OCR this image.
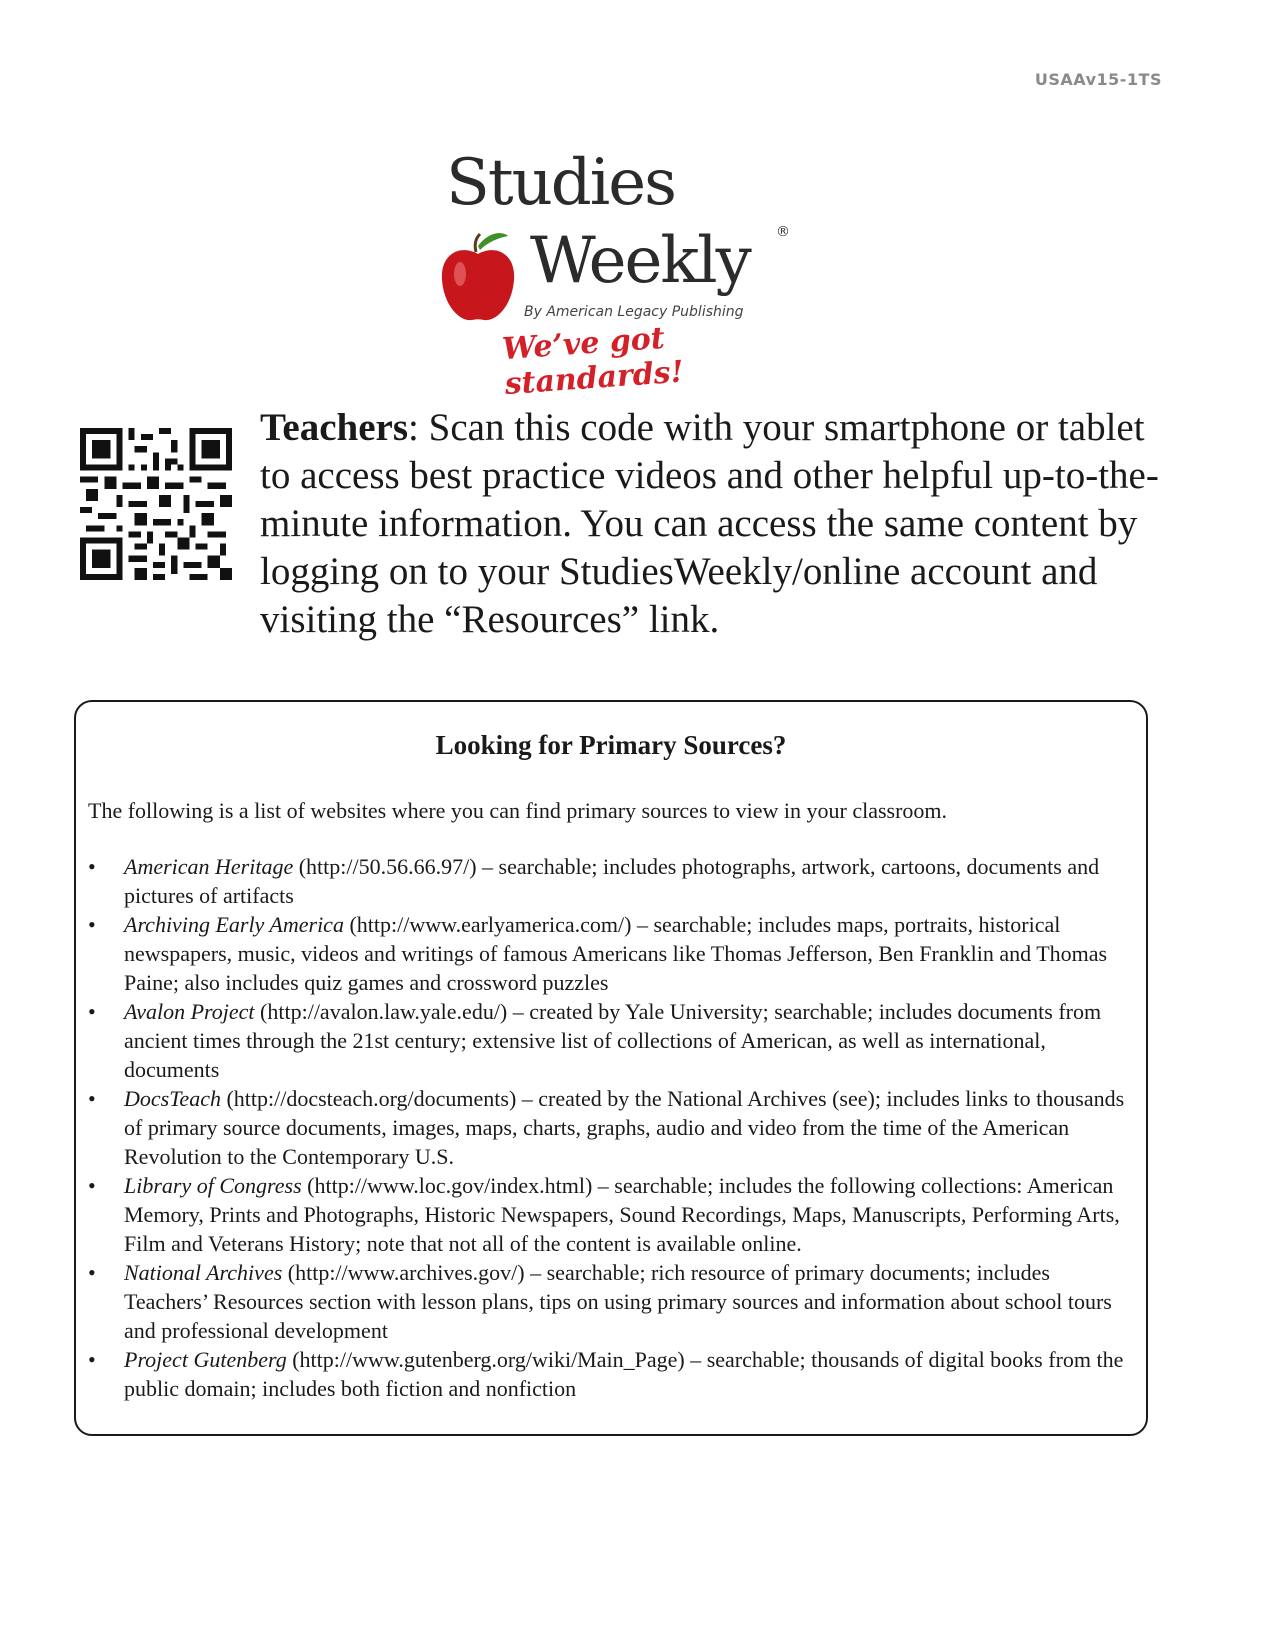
USAAv15-1TS
Studies
Weekly ®
By American Legacy Publishing
We’ve got standards!
Teachers: Scan this code with your smartphone or tablet to access best practice videos and other helpful up-to-the-minute information. You can access the same content by logging on to your StudiesWeekly/online account and visiting the “Resources” link.
Looking for Primary Sources?

The following is a list of websites where you can find primary sources to view in your classroom.

• American Heritage (http://50.56.66.97/) – searchable; includes photographs, artwork, cartoons, documents and pictures of artifacts
• Archiving Early America (http://www.earlyamerica.com/) – searchable; includes maps, portraits, historical newspapers, music, videos and writings of famous Americans like Thomas Jefferson, Ben Franklin and Thomas Paine; also includes quiz games and crossword puzzles
• Avalon Project (http://avalon.law.yale.edu/) – created by Yale University; searchable; includes documents from ancient times through the 21st century; extensive list of collections of American, as well as international, documents
• DocsTeach (http://docsteach.org/documents) – created by the National Archives (see); includes links to thousands of primary source documents, images, maps, charts, graphs, audio and video from the time of the American Revolution to the Contemporary U.S.
• Library of Congress (http://www.loc.gov/index.html) – searchable; includes the following collections: American Memory, Prints and Photographs, Historic Newspapers, Sound Recordings, Maps, Manuscripts, Performing Arts, Film and Veterans History; note that not all of the content is available online.
• National Archives (http://www.archives.gov/) – searchable; rich resource of primary documents; includes Teachers’ Resources section with lesson plans, tips on using primary sources and information about school tours and professional development
• Project Gutenberg (http://www.gutenberg.org/wiki/Main_Page) – searchable; thousands of digital books from the public domain; includes both fiction and nonfiction
